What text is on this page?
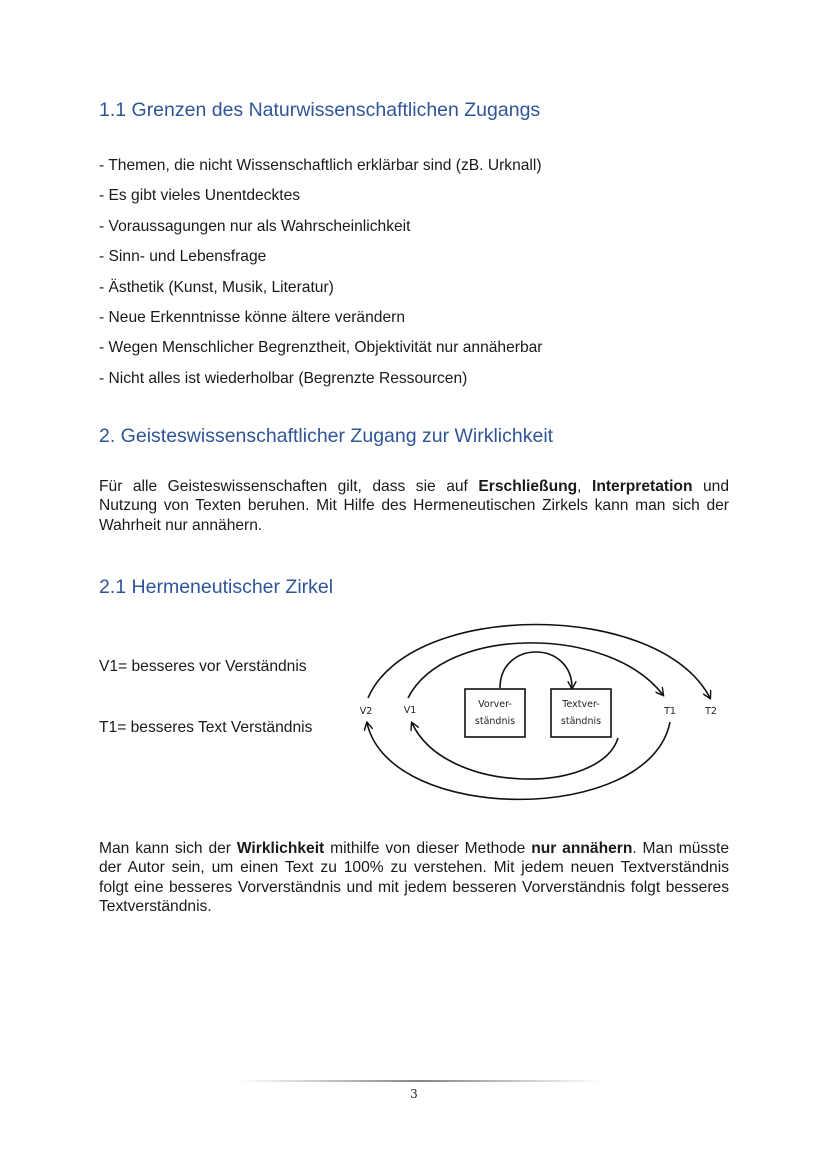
1.1 Grenzen des Naturwissenschaftlichen Zugangs
- Themen, die nicht Wissenschaftlich erklärbar sind (zB. Urknall)
- Es gibt vieles Unentdecktes
- Voraussagungen nur als Wahrscheinlichkeit
- Sinn- und Lebensfrage
- Ästhetik (Kunst, Musik, Literatur)
- Neue Erkenntnisse könne ältere verändern
- Wegen Menschlicher Begrenztheit, Objektivität nur annäherbar
- Nicht alles ist wiederholbar (Begrenzte Ressourcen)
2. Geisteswissenschaftlicher Zugang zur Wirklichkeit

Für alle Geisteswissenschaften gilt, dass sie auf Erschließung, Interpretation und Nutzung von Texten beruhen. Mit Hilfe des Hermeneutischen Zirkels kann man sich der Wahrheit nur annähern.

2.1 Hermeneutischer Zirkel

V1= besseres vor Verständnis

T1= besseres Text Verständnis

Vorver-
ständnis
Textver-
ständnis
V2	V1	T1	T2

Man kann sich der Wirklichkeit mithilfe von dieser Methode nur annähern. Man müsste der Autor sein, um einen Text zu 100% zu verstehen. Mit jedem neuen Textverständnis folgt eine besseres Vorverständnis und mit jedem besseren Vorverständnis folgt besseres Textverständnis.

3
